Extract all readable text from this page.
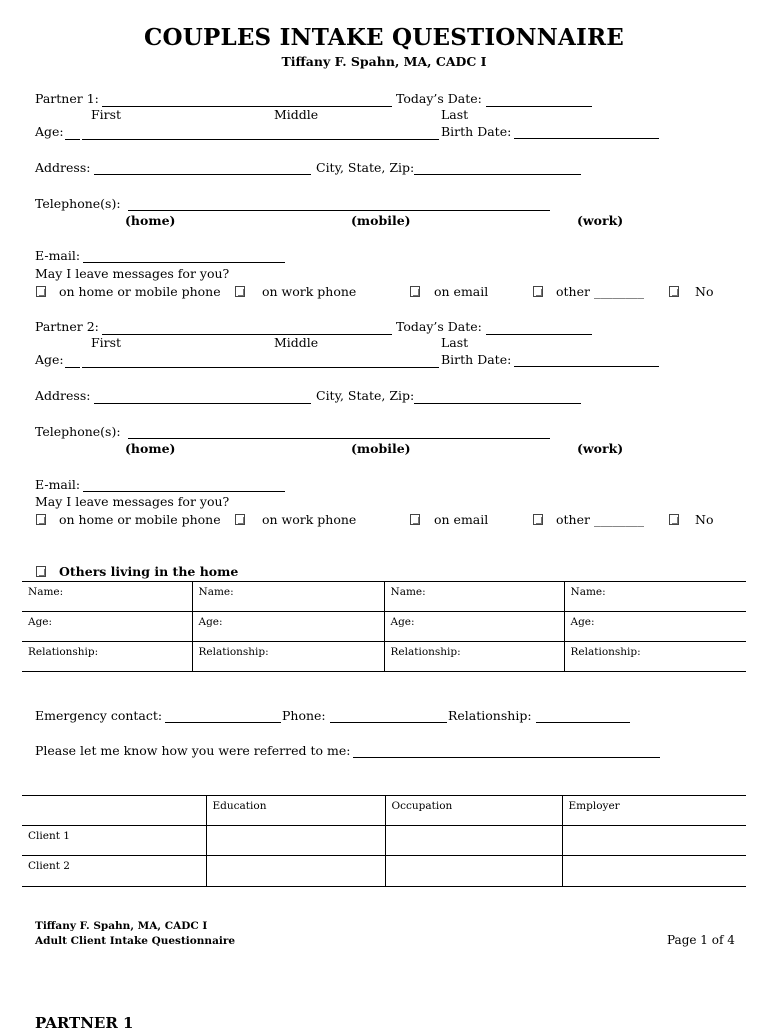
COUPLES INTAKE QUESTIONNAIRE
Tiffany F. Spahn, MA, CADC I
Partner 1:	Today’s Date:
First	Middle	Last
Age:	Birth Date:
Address:	City, State, Zip:
Telephone(s):
(home)	(mobile)	(work)
E-mail:
May I leave messages for you?
on home or mobile phone	on work phone	on email	other ________	No
Partner 2:	Today’s Date:
First	Middle	Last
Age:	Birth Date:
Address:	City, State, Zip:
Telephone(s):
(home)	(mobile)	(work)
E-mail:
May I leave messages for you?
on home or mobile phone	on work phone	on email	other ________	No
Others living in the home
Name:	Name:	Name:	Name:
Age:	Age:	Age:	Age:
Relationship:	Relationship:	Relationship:	Relationship:
Emergency contact:	Phone:	Relationship:
Please let me know how you were referred to me:
	Education	Occupation	Employer
Client 1			
Client 2			
Tiffany F. Spahn, MA, CADC I
Adult Client Intake Questionnaire	Page 1 of 4
PARTNER 1
